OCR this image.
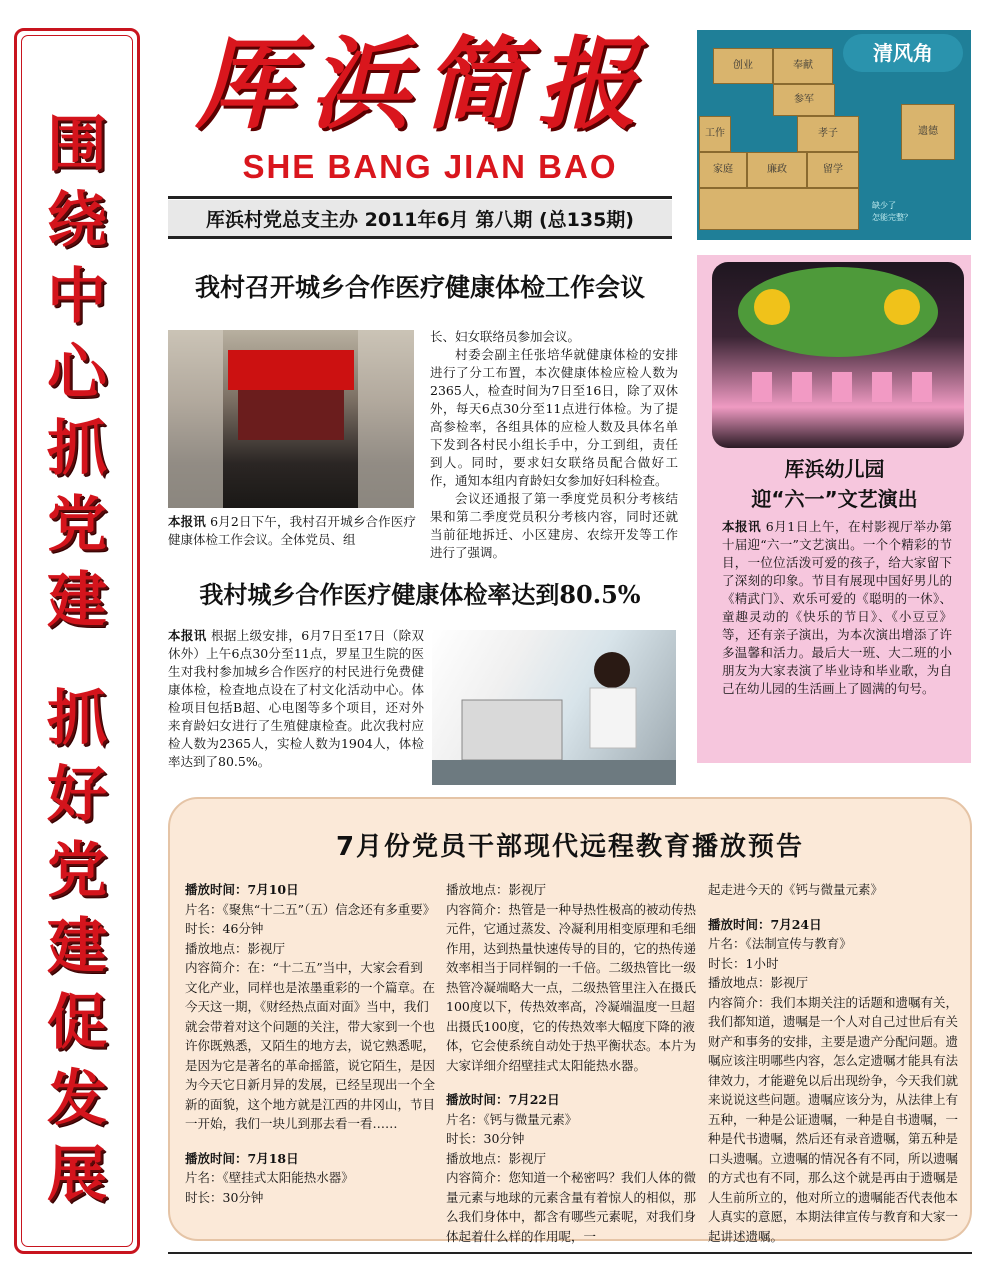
围
绕
中
心
抓
党
建
抓
好
党
建
促
发
展
厍浜简报
SHE BANG JIAN BAO
厍浜村党总支主办 2011年6月 第八期 (总135期)
创业	奉献
参军
孝子
工作
家庭	廉政	留学
遗德
清风角
缺少了
怎能完整？
我村召开城乡合作医疗健康体检工作会议
本报讯 6月2日下午，我村召开城乡合作医疗健康体检工作会议。全体党员、组
长、妇女联络员参加会议。
村委会副主任张培华就健康体检的安排进行了分工布置，本次健康体检应检人数为2365人，检查时间为7日至16日，除了双休外，每天6点30分至11点进行体检。为了提高参检率，各组具体的应检人数及具体名单下发到各村民小组长手中，分工到组，责任到人。同时，要求妇女联络员配合做好工作，通知本组内育龄妇女参加好妇科检查。
会议还通报了第一季度党员积分考核结果和第二季度党员积分考核内容，同时还就当前征地拆迁、小区建房、农综开发等工作进行了强调。
我村城乡合作医疗健康体检率达到80.5%
本报讯 根据上级安排，6月7日至17日（除双休外）上午6点30分至11点，罗星卫生院的医生对我村参加城乡合作医疗的村民进行免费健康体检，检查地点设在了村文化活动中心。体检项目包括B超、心电图等多个项目，还对外来育龄妇女进行了生殖健康检查。此次我村应检人数为2365人，实检人数为1904人，体检率达到了80.5%。
厍浜幼儿园
迎“六一”文艺演出
本报讯 6月1日上午，在村影视厅举办第十届迎“六一”文艺演出。一个个精彩的节目，一位位活泼可爱的孩子，给大家留下了深刻的印象。节目有展现中国好男儿的《精武门》、欢乐可爱的《聪明的一休》、童趣灵动的《快乐的节日》、《小豆豆》等，还有亲子演出，为本次演出增添了许多温馨和活力。最后大一班、大二班的小朋友为大家表演了毕业诗和毕业歌，为自己在幼儿园的生活画上了圆满的句号。
7月份党员干部现代远程教育播放预告
播放时间：7月10日
片名：《聚焦“十二五”（五）信念还有多重要》
时长：46分钟
播放地点：影视厅
内容简介：在：“十二五”当中，大家会看到文化产业，同样也是浓墨重彩的一个篇章。在今天这一期，《财经热点面对面》当中，我们就会带着对这个问题的关注，带大家到一个也许你既熟悉，又陌生的地方去，说它熟悉呢，是因为它是著名的革命摇篮，说它陌生，是因为今天它日新月异的发展，已经呈现出一个全新的面貌，这个地方就是江西的井冈山，节目一开始，我们一块儿到那去看一看……
播放时间：7月18日
片名：《壁挂式太阳能热水器》
时长：30分钟
播放地点：影视厅
内容简介：热管是一种导热性极高的被动传热元件，它通过蒸发、冷凝利用相变原理和毛细作用，达到热量快速传导的目的，它的热传递效率相当于同样铜的一千倍。二级热管比一级热管冷凝端略大一点，二级热管里注入在摄氏100度以下，传热效率高，冷凝端温度一旦超出摄氏100度，它的传热效率大幅度下降的液体，它会使系统自动处于热平衡状态。本片为大家详细介绍壁挂式太阳能热水器。
播放时间：7月22日
片名：《钙与微量元素》
时长：30分钟
播放地点：影视厅
内容简介：您知道一个秘密吗？我们人体的微量元素与地球的元素含量有着惊人的相似，那么我们身体中，都含有哪些元素呢，对我们身体起着什么样的作用呢，一
起走进今天的《钙与微量元素》
播放时间：7月24日
片名：《法制宣传与教育》
时长：1小时
播放地点：影视厅
内容简介：我们本期关注的话题和遗嘱有关，我们都知道，遗嘱是一个人对自己过世后有关财产和事务的安排，主要是遗产分配问题。遗嘱应该注明哪些内容，怎么定遗嘱才能具有法律效力，才能避免以后出现纷争，今天我们就来说说这些问题。遗嘱应该分为，从法律上有五种，一种是公证遗嘱，一种是自书遗嘱，一种是代书遗嘱，然后还有录音遗嘱，第五种是口头遗嘱。立遗嘱的情况各有不同，所以遗嘱的方式也有不同，那么这个就是再由于遗嘱是人生前所立的，他对所立的遗嘱能否代表他本人真实的意愿，本期法律宣传与教育和大家一起讲述遗嘱。
